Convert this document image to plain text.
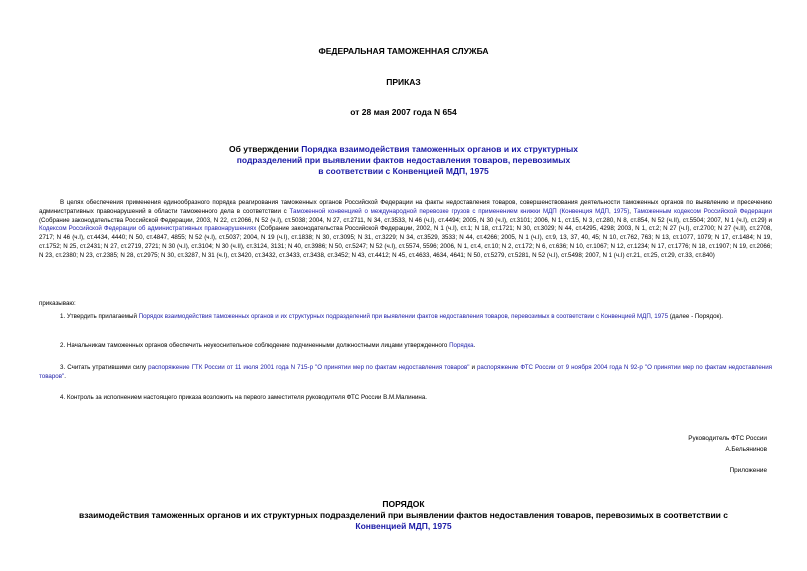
ФЕДЕРАЛЬНАЯ ТАМОЖЕННАЯ СЛУЖБА
ПРИКАЗ
от 28 мая 2007 года N 654
Об утверждении Порядка взаимодействия таможенных органов и их структурных
подразделений при выявлении фактов недоставления товаров, перевозимых
в соответствии с Конвенцией МДП, 1975
В целях обеспечения применения единообразного порядка реагирования таможенных органов Российской Федерации на факты недоставления товаров, совершенствования деятельности таможенных органов по выявлению и пресечению административных правонарушений в области таможенного дела в соответствии с Таможенной конвенцией о международной перевозке грузов с применением книжки МДП (Конвенция МДП, 1975), Таможенным кодексом Российской Федерации (Собрание законодательства Российской Федерации, 2003, N 22, ст.2066, N 52 (ч.I), ст.5038; 2004, N 27, ст.2711, N 34, ст.3533, N 46 (ч.I), ст.4494; 2005, N 30 (ч.I), ст.3101; 2006, N 1, ст.15, N 3, ст.280, N 8, ст.854, N 52 (ч.II), ст.5504; 2007, N 1 (ч.I), ст.29) и Кодексом Российской Федерации об административных правонарушениях (Собрание законодательства Российской Федерации, 2002, N 1 (ч.I), ст.1; N 18, ст.1721; N 30, ст.3029; N 44, ст.4295, 4298; 2003, N 1, ст.2; N 27 (ч.I), ст.2700; N 27 (ч.II), ст.2708, 2717; N 46 (ч.I), ст.4434, 4440; N 50, ст.4847, 4855; N 52 (ч.I), ст.5037; 2004, N 19 (ч.I), ст.1838; N 30, ст.3095; N 31, ст.3229; N 34, ст.3529, 3533; N 44, ст.4266; 2005, N 1 (ч.I), ст.9, 13, 37, 40, 45; N 10, ст.762, 763; N 13, ст.1077, 1079; N 17, ст.1484; N 19, ст.1752; N 25, ст.2431; N 27, ст.2719, 2721; N 30 (ч.I), ст.3104; N 30 (ч.II), ст.3124, 3131; N 40, ст.3986; N 50, ст.5247; N 52 (ч.I), ст.5574, 5596; 2006, N 1, ст.4, ст.10; N 2, ст.172; N 6, ст.636; N 10, ст.1067; N 12, ст.1234; N 17, ст.1776; N 18, ст.1907; N 19, ст.2066; N 23, ст.2380; N 23, ст.2385; N 28, ст.2975; N 30, ст.3287, N 31 (ч.I), ст.3420, ст.3432, ст.3433, ст.3438, ст.3452; N 43, ст.4412; N 45, ст.4633, 4634, 4641; N 50, ст.5279, ст.5281, N 52 (ч.I), ст.5498; 2007, N 1 (ч.I) ст.21, ст.25, ст.29, ст.33, ст.840)
приказываю:
1. Утвердить прилагаемый Порядок взаимодействия таможенных органов и их структурных подразделений при выявлении фактов недоставления товаров, перевозимых в соответствии с Конвенцией МДП, 1975 (далее - Порядок).
2. Начальникам таможенных органов обеспечить неукоснительное соблюдение подчиненными должностными лицами утвержденного Порядка.
3. Считать утратившими силу распоряжение ГТК России от 11 июля 2001 года N 715-р "О принятии мер по фактам недоставления товаров" и распоряжение ФТС России от 9 ноября 2004 года N 92-р "О принятии мер по фактам недоставления товаров".
4. Контроль за исполнением настоящего приказа возложить на первого заместителя руководителя ФТС России В.М.Малинина.
Руководитель ФТС России
А.Бельянинов
Приложение
ПОРЯДОК
взаимодействия таможенных органов и их структурных подразделений при выявлении фактов недоставления товаров, перевозимых в соответствии с
Конвенцией МДП, 1975
